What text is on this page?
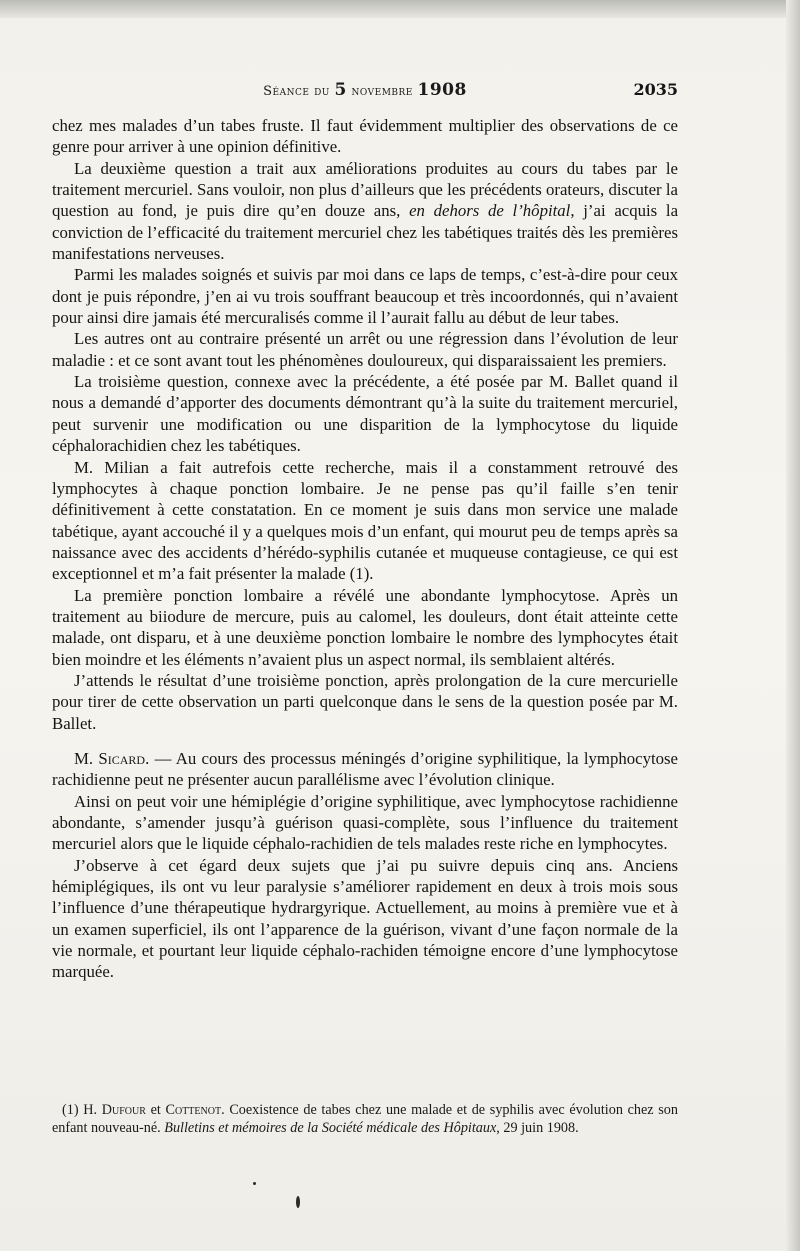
Séance du 5 novembre 1908	2035

chez mes malades d’un tabes fruste. Il faut évidemment multiplier des observations de ce genre pour arriver à une opinion définitive.

La deuxième question a trait aux améliorations produites au cours du tabes par le traitement mercuriel. Sans vouloir, non plus d’ailleurs que les précédents orateurs, discuter la question au fond, je puis dire qu’en douze ans, en dehors de l’hôpital, j’ai acquis la conviction de l’efficacité du traitement mercuriel chez les tabétiques traités dès les premières manifestations nerveuses.

Parmi les malades soignés et suivis par moi dans ce laps de temps, c’est-à-dire pour ceux dont je puis répondre, j’en ai vu trois souffrant beaucoup et très incoordonnés, qui n’avaient pour ainsi dire jamais été mercuralisés comme il l’aurait fallu au début de leur tabes.

Les autres ont au contraire présenté un arrêt ou une régression dans l’évolution de leur maladie : et ce sont avant tout les phénomènes douloureux, qui disparaissaient les premiers.

La troisième question, connexe avec la précédente, a été posée par M. Ballet quand il nous a demandé d’apporter des documents démontrant qu’à la suite du traitement mercuriel, peut survenir une modification ou une disparition de la lymphocytose du liquide céphalorachidien chez les tabétiques.

M. Milian a fait autrefois cette recherche, mais il a constamment retrouvé des lymphocytes à chaque ponction lombaire. Je ne pense pas qu’il faille s’en tenir définitivement à cette constatation. En ce moment je suis dans mon service une malade tabétique, ayant accouché il y a quelques mois d’un enfant, qui mourut peu de temps après sa naissance avec des accidents d’hérédo-syphilis cutanée et muqueuse contagieuse, ce qui est exceptionnel et m’a fait présenter la malade (1).

La première ponction lombaire a révélé une abondante lymphocytose. Après un traitement au biiodure de mercure, puis au calomel, les douleurs, dont était atteinte cette malade, ont disparu, et à une deuxième ponction lombaire le nombre des lymphocytes était bien moindre et les éléments n’avaient plus un aspect normal, ils semblaient altérés.

J’attends le résultat d’une troisième ponction, après prolongation de la cure mercurielle pour tirer de cette observation un parti quelconque dans le sens de la question posée par M. Ballet.

M. Sicard. — Au cours des processus méningés d’origine syphilitique, la lymphocytose rachidienne peut ne présenter aucun parallélisme avec l’évolution clinique.

Ainsi on peut voir une hémiplégie d’origine syphilitique, avec lymphocytose rachidienne abondante, s’amender jusqu’à guérison quasi-complète, sous l’influence du traitement mercuriel alors que le liquide céphalo-rachidien de tels malades reste riche en lymphocytes.

J’observe à cet égard deux sujets que j’ai pu suivre depuis cinq ans. Anciens hémiplégiques, ils ont vu leur paralysie s’améliorer rapidement en deux à trois mois sous l’influence d’une thérapeutique hydrargyrique. Actuellement, au moins à première vue et à un examen superficiel, ils ont l’apparence de la guérison, vivant d’une façon normale de la vie normale, et pourtant leur liquide céphalo-rachiden témoigne encore d’une lymphocytose marquée.

(1) H. Dufour et Cottenot. Coexistence de tabes chez une malade et de syphilis avec évolution chez son enfant nouveau-né. Bulletins et mémoires de la Société médicale des Hôpitaux, 29 juin 1908.
